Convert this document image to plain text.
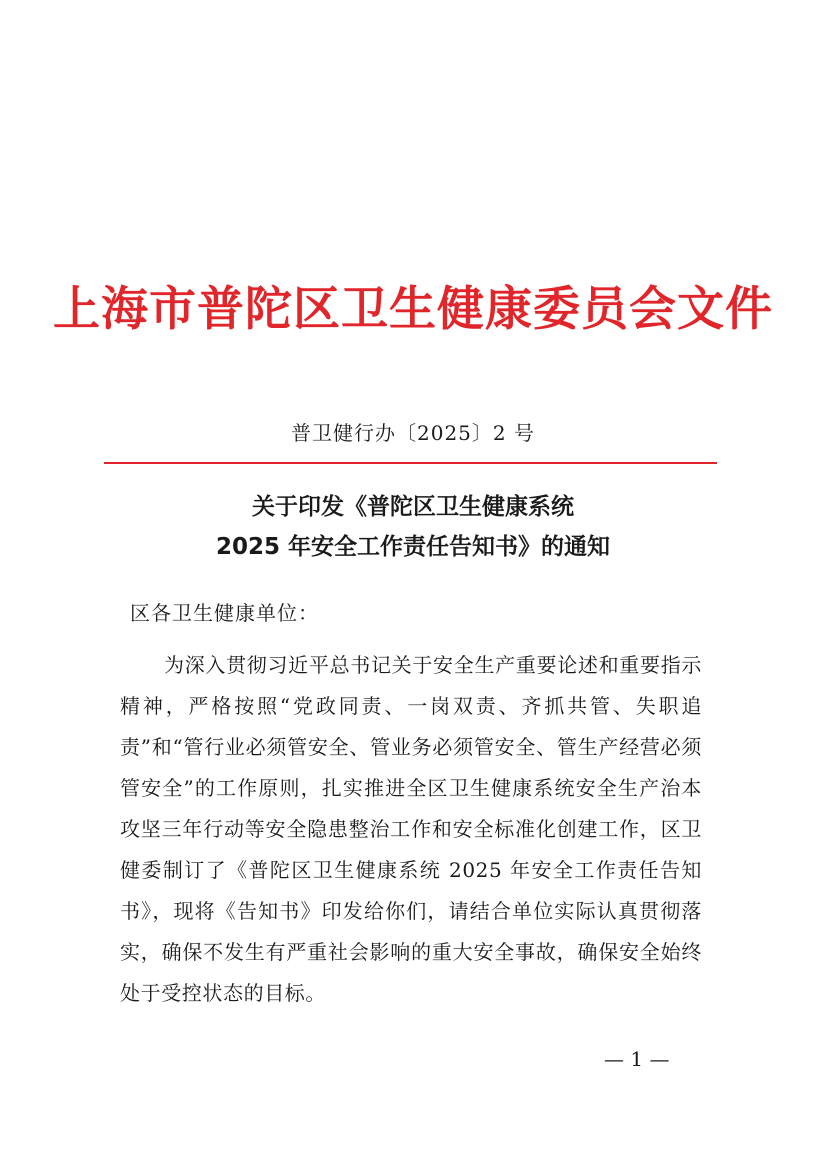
上海市普陀区卫生健康委员会文件
普卫健行办〔2025〕2 号
关于印发《普陀区卫生健康系统
2025 年安全工作责任告知书》的通知
区各卫生健康单位：
为深入贯彻习近平总书记关于安全生产重要论述和重要指示精神，严格按照“党政同责、一岗双责、齐抓共管、失职追责”和“管行业必须管安全、管业务必须管安全、管生产经营必须管安全”的工作原则，扎实推进全区卫生健康系统安全生产治本攻坚三年行动等安全隐患整治工作和安全标准化创建工作，区卫健委制订了《普陀区卫生健康系统 2025 年安全工作责任告知书》，现将《告知书》印发给你们，请结合单位实际认真贯彻落实，确保不发生有严重社会影响的重大安全事故，确保安全始终处于受控状态的目标。
— 1 —
